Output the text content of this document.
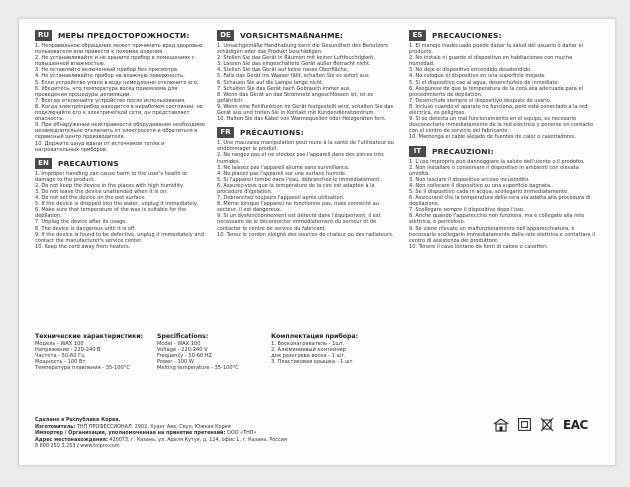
RU	МЕРЫ ПРЕДОСТОРОЖНОСТИ:
1. Неправильное обращение может причинить вред здоровью пользователя или привести к поломке изделия.
2. Не устанавливайте и не храните прибор в помещениях с повышенной влажностью.
3. Не оставляйте включенный прибор без присмотра.
4. Не устанавливайте прибор на влажную поверхность.
5. Если устройство упало в воду немедленно отключите его.
6. Убедитесь, что температура воска приемлема для проведения процедуры депиляции.
7. Всегда отключайте устройство после использования.
8. Когда электроприбор находится в нерабочем состоянии, не подключайте его к электрической сети, он представляет опасность.
9. При обнаружении неисправности оборудования необходимо незамедлительно отключить от электросети и обратиться в сервисный центр производителя.
10. Держите шнур вдали от источников тепла и нагревательных приборов.
EN	PRECAUTIONS
1. Improper handling can cause harm to the user's health or damage to the product.
2. Do not keep the device in the places with high humidity.
3. Do not leave the device unattended when it is on.
4. Do not set the device on the wet surface.
5. If the device is dropped into the water, unplug it immediately.
6. Make sure that temperature of the wax is suitable for the depilation.
7. Unplug the device after its usage.
8. The device is dangerous until it is off.
9. If the device is found to be defective, unplug it immediately and contact the manufacturer's service center.
10. Keep the cord away from heaters.
DE	VORSICHTSMAßNAHME:
1. Unsachgemäße Handhabung kann die Gesundheit des Benutzers schädigen oder das Produkt beschädigen.
2. Stellen Sie das Gerät in Räumen mit keiner Luftfeuchtigkeit.
3. Lassen Sie das eingeschaltete Gerät außer Betracht nicht.
4. Stellen Sie das Gerät auf keine nasse Oberfläche.
5. Falls das Gerät ins Wasser fällt, schalten Sie es sofort aus.
6. Schauen Sie auf die Lampe lange nicht.
7. Schalten Sie das Gerät nach Gebrauch immer aus.
8. Wenn das Gerät an das Stromnetz angeschlossen ist, ist es gefährlich.
9. Wenn eine Fehlfunktion im Gerät festgestellt wird, schalten Sie das Gerät aus und treten Sie in Kontakt mit Kundendienstzentrum.
10. Halten Sie das Kabel von Warmequellen oder Heizgeräten fern.
FR	PRÉCAUTIONS:
1. Une mauvaise manipulation peut nuire à la santé de l'utilisateur ou endommager le produit.
2. Ne rangez pas et ne stockez pas l'appareil dans des pièces très humides.
3. Ne laissez pas l'appareil allumé sans surveillance.
4. Ne placez pas l'appareil sur une surface humide.
5. Si l'appareil tombe dans l'eau, débranchez-le immédiatement.
6. Assurez-vous que la température de la cire est adaptée à la procédure d'épilation.
7. Débranchez toujours l'appareil après utilisation.
8. Même lorsque l'appareil ne fonctionne pas, mais connecté au secteur, il est dangereux.
9. Si un dysfonctionnement est détecté dans l'équipement, il est nécessaire de le déconnecter immédiatement du secteur et de contacter le centre de service du fabricant.
10. Tenez le cordon éloigné des sources de chaleur ou des radiateurs.
ES	PRECAUCIONES:
1. El manejo inadecuado puede dañar la salud del usuario o dañar el producto.
2. No instale ni guarde el dispositivo en habitaciones con mucha humedad.
3. No deje el dispositivo encendido desatendido.
4. No coloque el dispositivo en una superficie mojada.
5. Si el dispositivo cae al agua, desenchúfelo de inmediato.
6. Asegúrese de que la temperatura de la cera sea adecuada para el procedimiento de depilación.
7. Desenchufe siempre el dispositivo después de usarlo.
8. Incluso cuando el aparato no funciona, pero está conectado a la red eléctrica, es peligroso.
9. Si se detecta un mal funcionamiento en el equipo, es necesario desconectarlo inmediatamente de la red eléctrica y ponerse en contacto con el centro de servicio del fabricante.
10. Mantenga el cable alejado de fuentes de calor o calentadores.
IT	PRECAUZIONI:
1. L'uso improprio può danneggiare la salute dell'utente o il prodotto.
2. Non installare o conservare il dispositivo in ambienti con elevata umidità.
3. Non lasciare il dispositivo acceso incustodito.
4. Non collocare il dispositivo su una superficie bagnata.
5. Se il dispositivo cade in acqua, scollegarlo immediatamente.
6. Assicurarsi che la temperatura della cera sia adatta alla procedura di depilazione.
7. Scollegare sempre il dispositivo dopo l'uso.
8. Anche quando l'apparecchio non funziona, ma è collegato alla rete elettrica, è pericoloso.
9. Se viene rilevato un malfunzionamento nell'apparecchiatura, è necessario scollegarlo immediatamente dalla rete elettrica e contattare il centro di assistenza del produttore.
10. Tenere il cavo lontano da fonti di calore o caloriferi.
Технические характеристики:
Модель - WAX 100
Напряжение - 220-240 В
Частота - 50-60 Гц
Мощность - 100 Вт
Температура плавления - 35-100°C
Specifications:
Model - WAX 100
Voltage - 220-240 V
Frequency - 50-60 HZ
Power - 100 W
Melting temperature - 35-100°C
Комплектация прибора:
1. Восконагреватель - 1шт.
2. Алюминиевый контейнер
для разогрева воска - 1 шт.
3. Пластиковая крышка - 1 шт.
Сделано в Республике Корея.
Изготовитель: ТНП ПРОФЕССИОНАЛ. 2902, Хуанг Аве, Сеул, Южная Корея
Импортер / Организация, уполномоченная на принятие претензий: ООО «ТНП»
Адрес местонахождения: 420073, г. Казань, ул. Аделя Кутуя, д. 124, офис 1, г. Казань, Россия
8 800 250 3 253 / www.tnlpro.com
EAC
